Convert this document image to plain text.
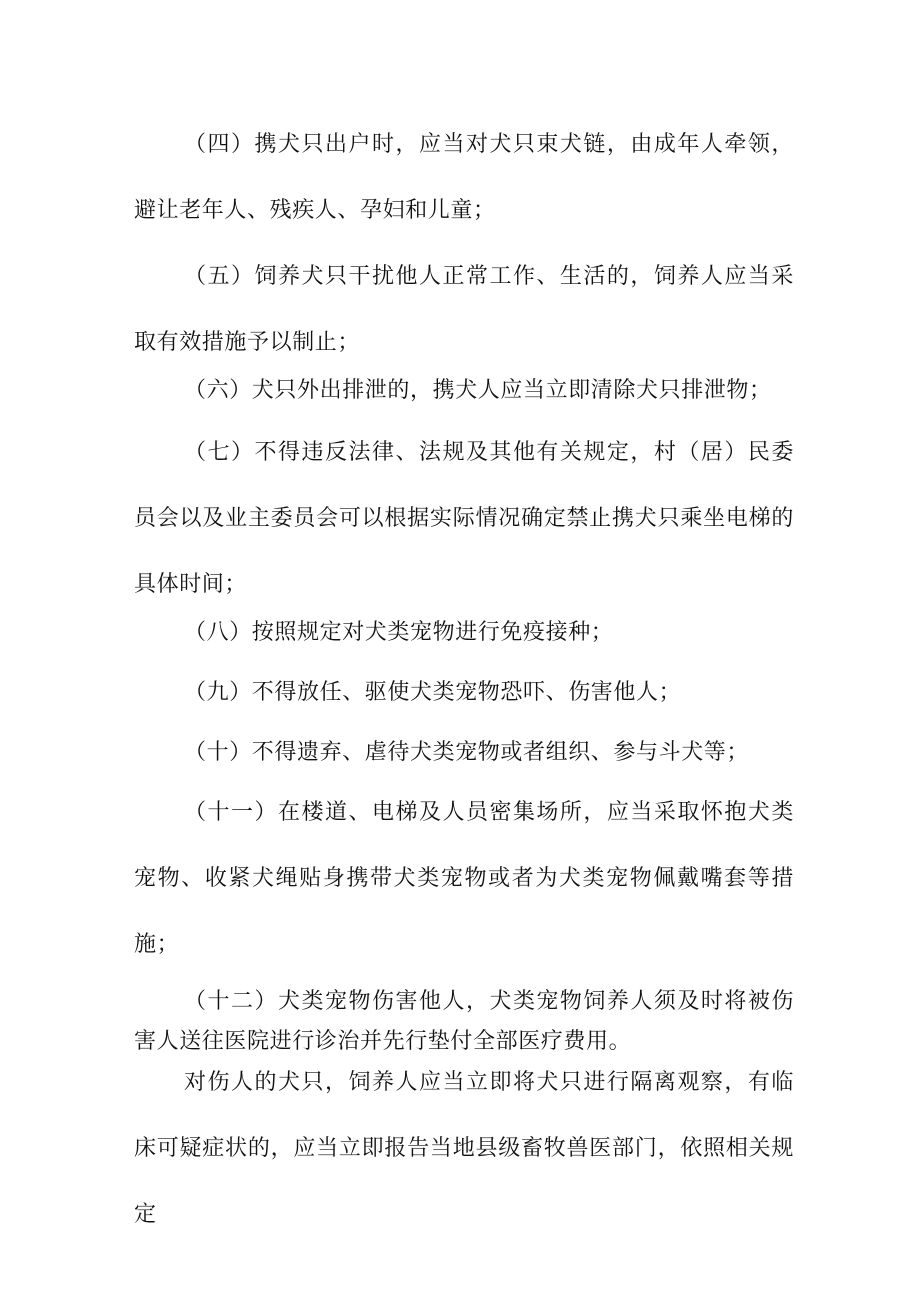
（四）携犬只出户时，应当对犬只束犬链，由成年人牵领，避让老年人、残疾人、孕妇和儿童；

（五）饲养犬只干扰他人正常工作、生活的，饲养人应当采取有效措施予以制止；

（六）犬只外出排泄的，携犬人应当立即清除犬只排泄物；

（七）不得违反法律、法规及其他有关规定，村（居）民委员会以及业主委员会可以根据实际情况确定禁止携犬只乘坐电梯的具体时间；

（八）按照规定对犬类宠物进行免疫接种；

（九）不得放任、驱使犬类宠物恐吓、伤害他人；

（十）不得遗弃、虐待犬类宠物或者组织、参与斗犬等；

（十一）在楼道、电梯及人员密集场所，应当采取怀抱犬类宠物、收紧犬绳贴身携带犬类宠物或者为犬类宠物佩戴嘴套等措施；

（十二）犬类宠物伤害他人，犬类宠物饲养人须及时将被伤害人送往医院进行诊治并先行垫付全部医疗费用。

对伤人的犬只，饲养人应当立即将犬只进行隔离观察，有临床可疑症状的，应当立即报告当地县级畜牧兽医部门，依照相关规定
